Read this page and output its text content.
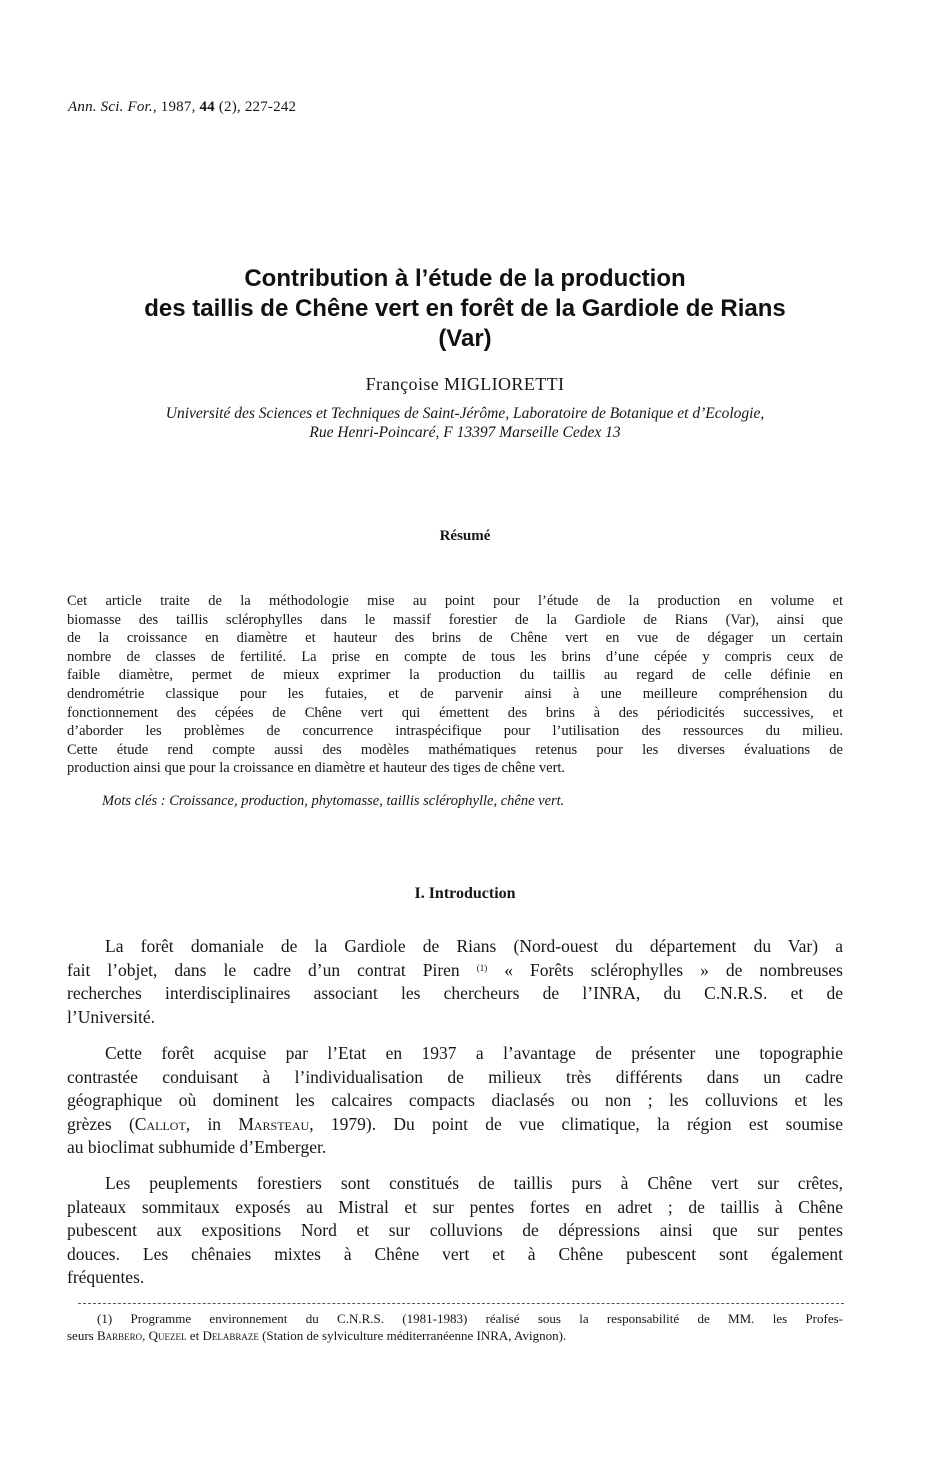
Ann. Sci. For., 1987, 44 (2), 227-242
Contribution à l’étude de la production
des taillis de Chêne vert en forêt de la Gardiole de Rians
(Var)
Françoise MIGLIORETTI
Université des Sciences et Techniques de Saint-Jérôme, Laboratoire de Botanique et d’Ecologie,
Rue Henri-Poincaré, F 13397 Marseille Cedex 13
Résumé
Cet article traite de la méthodologie mise au point pour l’étude de la production en volume et
biomasse des taillis sclérophylles dans le massif forestier de la Gardiole de Rians (Var), ainsi que
de la croissance en diamètre et hauteur des brins de Chêne vert en vue de dégager un certain
nombre de classes de fertilité. La prise en compte de tous les brins d’une cépée y compris ceux de
faible diamètre, permet de mieux exprimer la production du taillis au regard de celle définie en
dendrométrie classique pour les futaies, et de parvenir ainsi à une meilleure compréhension du
fonctionnement des cépées de Chêne vert qui émettent des brins à des périodicités successives, et
d’aborder les problèmes de concurrence intraspécifique pour l’utilisation des ressources du milieu.
Cette étude rend compte aussi des modèles mathématiques retenus pour les diverses évaluations de
production ainsi que pour la croissance en diamètre et hauteur des tiges de chêne vert.
Mots clés : Croissance, production, phytomasse, taillis sclérophylle, chêne vert.
I. Introduction
La forêt domaniale de la Gardiole de Rians (Nord-ouest du département du Var) a
fait l’objet, dans le cadre d’un contrat Piren $^{(1)}$ « Forêts sclérophylles » de nombreuses
recherches interdisciplinaires associant les chercheurs de l’INRA, du C.N.R.S. et de
l’Université.
Cette forêt acquise par l’Etat en 1937 a l’avantage de présenter une topographie
contrastée conduisant à l’individualisation de milieux très différents dans un cadre
géographique où dominent les calcaires compacts diaclasés ou non ; les colluvions et les
grèzes (Callot, in Marsteau, 1979). Du point de vue climatique, la région est soumise
au bioclimat subhumide d’Emberger.
Les peuplements forestiers sont constitués de taillis purs à Chêne vert sur crêtes,
plateaux sommitaux exposés au Mistral et sur pentes fortes en adret ; de taillis à Chêne
pubescent aux expositions Nord et sur colluvions de dépressions ainsi que sur pentes
douces. Les chênaies mixtes à Chêne vert et à Chêne pubescent sont également
fréquentes.
(1) Programme environnement du C.N.R.S. (1981-1983) réalisé sous la responsabilité de MM. les Profes-
seurs Barbero, Quezel et Delabraze (Station de sylviculture méditerranéenne INRA, Avignon).
